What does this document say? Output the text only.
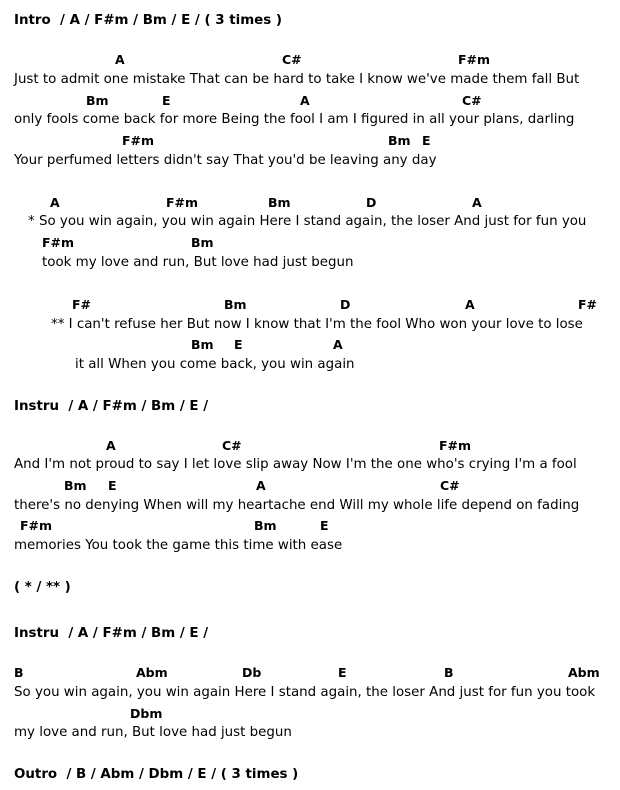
Intro  / A / F#m / Bm / E / ( 3 times )
A	C#	F#m
Just to admit one mistake That can be hard to take I know we've made them fall But
Bm	E	A	C#
only fools come back for more Being the fool I am I figured in all your plans, darling
F#m	Bm E
Your perfumed letters didn't say That you'd be leaving any day
A	F#m	Bm	D	A
* So you win again, you win again Here I stand again, the loser And just for fun you
F#m	Bm
took my love and run, But love had just begun
F#	Bm	D	A	F#
** I can't refuse her But now I know that I'm the fool Who won your love to lose
Bm E	A
it all When you come back, you win again
Instru  / A / F#m / Bm / E /
A	C#	F#m
And I'm not proud to say I let love slip away Now I'm the one who's crying I'm a fool
Bm E	A	C#
there's no denying When will my heartache end Will my whole life depend on fading
F#m	Bm	E
memories You took the game this time with ease
( * / ** )
Instru  / A / F#m / Bm / E /
B	Abm	Db	E	B	Abm
So you win again, you win again Here I stand again, the loser And just for fun you took
Dbm
my love and run, But love had just begun
Outro  / B / Abm / Dbm / E / ( 3 times )
